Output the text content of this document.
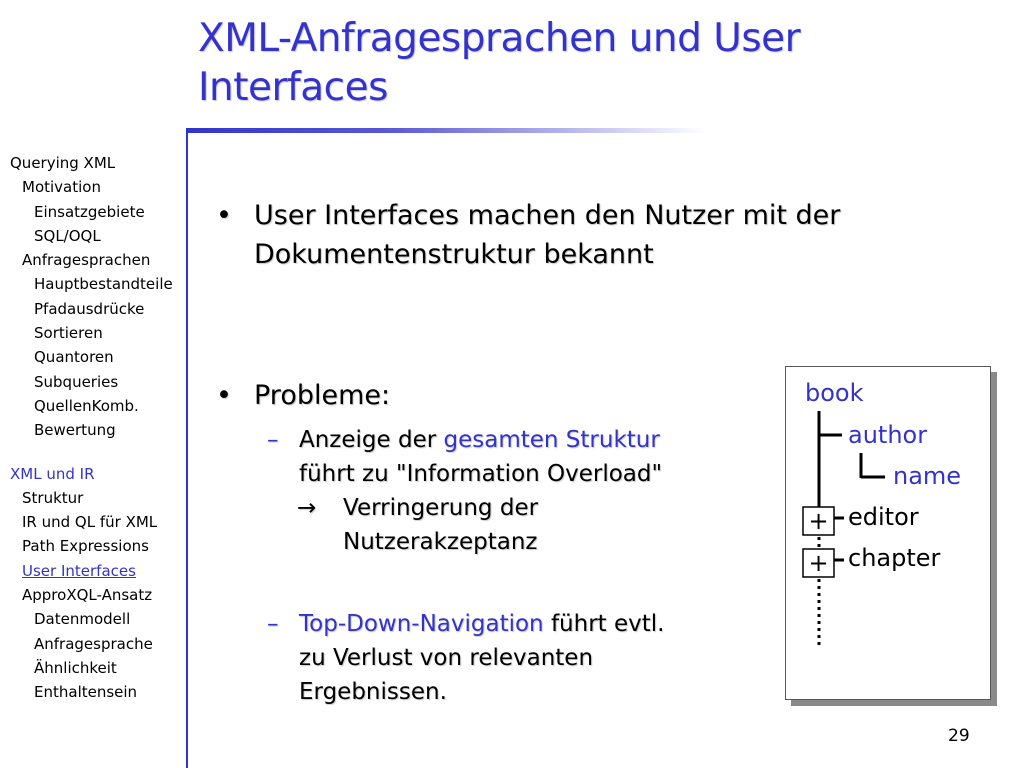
XML-Anfragesprachen und User
Interfaces
Querying XML
Motivation
Einsatzgebiete
SQL/OQL
Anfragesprachen
Hauptbestandteile
Pfadausdrücke
Sortieren
Quantoren
Subqueries
QuellenKomb.
Bewertung
XML und IR
Struktur
IR und QL für XML
Path Expressions
User Interfaces
ApproXQL-Ansatz
Datenmodell
Anfragesprache
Ähnlichkeit
Enthaltensein
• User Interfaces machen den Nutzer mit der
Dokumentenstruktur bekannt
• Probleme:
– Anzeige der gesamten Struktur
führt zu "Information Overload"
→ Verringerung der
Nutzerakzeptanz
– Top-Down-Navigation führt evtl.
zu Verlust von relevanten
Ergebnissen.
+
+
book
author
name
editor
chapter
29
